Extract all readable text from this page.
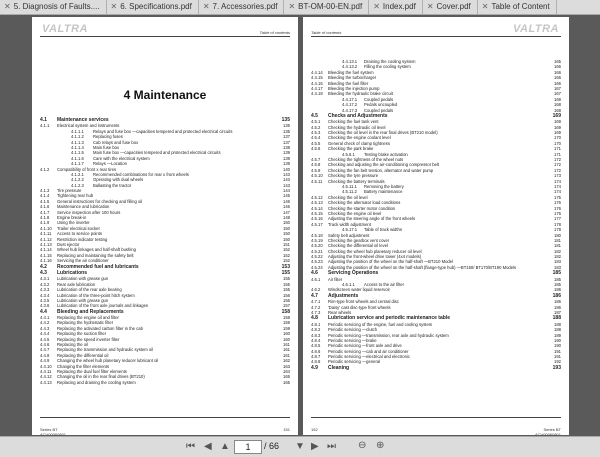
✕ 5. Diagnosis of Faults.... ✕ 6. Specifications.pdf ✕ 7. Accessories.pdf ✕ BT-OM-00-EN.pdf ✕ Index.pdf ✕ Cover.pdf ✕ Table of Content
VALTRA	Table of contents
4 Maintenance
4.1 Maintenance services	135
4.1.1 Electrical system and instruments	135
4.1.1.1 Relays and fuse box —capacities tempered and protected electrical circuits	135
4.1.1.2 Replacing fuses	137
4.1.1.3 Cab relays and fuse box	137
4.1.1.4 Main fuse box	138
4.1.1.5 Main fuse box —capacities tempered and protected electrical circuits	139
4.1.1.6 Care with the electrical system	139
4.1.1.7 Relays —Location	139
4.1.2 Compatibility of front x rear tires	140
4.1.2.1 Recommended combinations for rear x front wheels	143
4.1.2.2 Operating with dual wheels	143
4.1.2.3 Ballasting the tractor	143
4.1.3 Tire pressure	144
4.1.4 Tightening rear hub	145
4.1.5 General instructions for checking and filling oil	146
4.1.6 Maintenance and lubrication	146
4.1.7 Service inspection after 100 hours	147
4.1.8 Engine break-in	148
4.1.9 Using the inverter	150
4.1.10 Trailer electrical socket	150
4.1.11 Access to service points	150
4.1.12 Restriction indicator testing	150
4.1.13 Dust ejector	151
4.1.14 Wheel hub linkages and half-shaft bushing	152
4.1.15 Replacing and maintaining the safety belt	152
4.1.16 Servicing the air conditioner	152
4.2 Recommended fuel and lubricants	153
4.3 Lubrications	155
4.3.1 Lubrication with grease gun	155
4.3.2 Rear axle lubrication	155
4.3.3 Lubrication of the rear axle bearing	155
4.3.4 Lubrication of the three-point hitch system	156
4.3.5 Lubrication with grease gun	156
4.3.6 Lubrication of the front axle journals and linkages	157
4.4 Bleeding and Replacements	158
4.4.1 Replacing the engine oil and filter	158
4.4.2 Replacing the hydrostatic filter	159
4.4.3 Replacing the activated carbon filter in the cab	159
4.4.4 Replacing the suction filter	160
4.4.5 Replacing the speed inverter filter	160
4.4.6 Replacing the oil	161
4.4.7 Replacing the transmission and hydraulic system oil	161
4.4.8 Replacing the differential oil	161
4.4.9 Changing the wheel hub planetary reducer lubricant oil	162
4.4.10 Changing the filter elements	163
4.4.11 Replacing the dual fuel filter elements	164
4.4.12 Changing the oil in the rear final drives (BT210)	165
4.4.13 Replacing and draining the cooling system	165
Series BT
ACV00060801
151
Table of contents	VALTRA
4.4.13.1 Draining the cooling system	165
4.4.13.2 Filling the cooling system	166
4.4.14 Bleeding the fuel system	166
4.4.15 Bleeding the turbocharger	166
4.4.16 Bleeding the fuel filter	166
4.4.17 Bleeding the injection pump	167
4.4.18 Bleeding the hydraulic brake circuit	167
4.4.17.1 Coupled pedals	168
4.4.17.2 Pedals uncoupled	168
4.4.17.3 Coupled pedals	168
4.5 Checks and Adjustments	169
4.5.1 Checking the fuel tank vent	169
4.5.2 Checking the hydraulic oil level	169
4.5.3 Checking the oil level in the rear final drives (BT210 model)	169
4.5.4 Checking the engine coolant level	170
4.5.5 General check of clamp tightness	170
4.5.6 Checking the park brake	171
4.5.6.1 Testing brake activation	171
4.5.7 Checking the tightness of the wheel nuts	172
4.5.8 Checking and adjusting the air-conditioning compressor belt	172
4.5.9 Checking the fan belt tension, alternator and water pump	172
4.5.10 Checking the tyre pressure	173
4.5.11 Checking the battery terminals	174
4.5.11.1 Removing the battery	174
4.5.11.2 Battery maintenance	174
4.5.12 Checking the oil level	175
4.5.13 Checking the alternator load conditions	176
4.5.14 Checking the starter motor condition	176
4.5.15 Checking the engine oil level	176
4.5.16 Adjusting the steering angle of the front wheels	177
4.5.17 Track width adjustment	178
4.5.17.1 Table of track widths	178
4.5.18 Safety belt adjustment	180
4.5.19 Checking the gearbox vent cover	181
4.5.20 Checking the differential oil level	181
4.5.21 Checking the wheel hub planetary reducer oil level	182
4.5.22 Adjusting the front-wheel drive tower (4x4 models)	182
4.5.23 Adjusting the position of the wheel on the half-shaft —BT210 Model	183
4.5.24 Adjusting the position of the wheel on the half-shaft (flange-type hub) —BT150/ BT170/BT190 Models	183
4.6 Servicing Operations	185
4.6.1 Air filter	185
4.6.1.1 Access to the air filter	185
4.6.2 Windscreen water liquid reservoir	186
4.7 Adjustments	186
4.7.1 Rim-type front wheels and central disc	186
4.7.2 'Daisy' cast disc-type front wheels	186
4.7.3 Rear wheels	187
4.8 Lubrication service and periodic maintenance table	188
4.8.1 Periodic servicing of the engine, fuel and cooling system	188
4.8.2 Periodic servicing —clutch	188
4.8.3 Periodic servicing —transmission, rear axle and hydraulic system	189
4.8.4 Periodic servicing —brake	190
4.8.5 Periodic servicing —front axle and drive	190
4.8.6 Periodic servicing —cab and air conditioner	191
4.8.7 Periodic servicing —electrical and electronic	191
4.8.8 Periodic servicing —general	192
4.9 Cleaning	193
152	Series BT
ACV00060801
⏮ ◀ ▲	1	/ 66 ▼ ▶ ⏭ ⊖ ⊕
